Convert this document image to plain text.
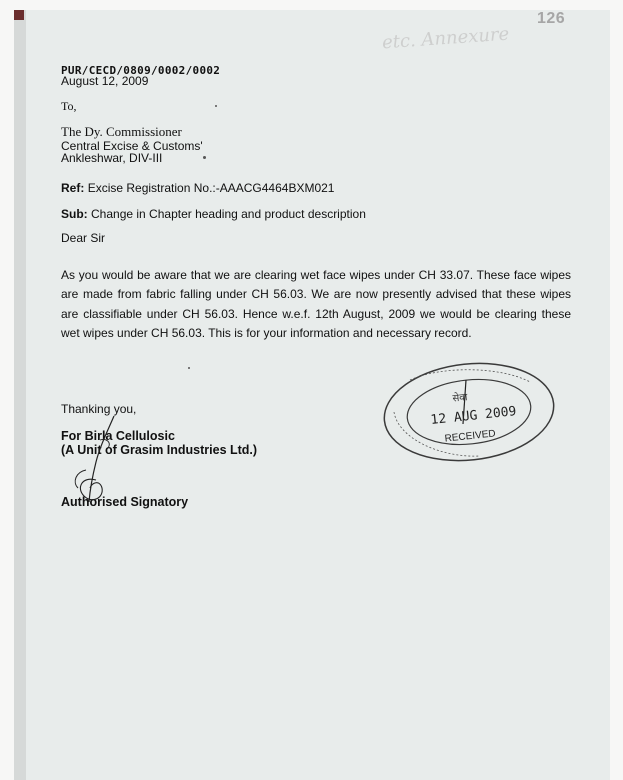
126
etc. Annexure
PUR/CECD/0809/0002/0002
August 12, 2009
To,
The Dy. Commissioner
Central Excise & Customs'
Ankleshwar, DIV-III
Ref: Excise Registration No.:-AAACG4464BXM021
Sub: Change in Chapter heading and product description
Dear Sir
As you would be aware that we are clearing wet face wipes under CH 33.07. These face wipes are made from fabric falling under CH 56.03. We are now presently advised that these wipes are classifiable under CH 56.03. Hence w.e.f. 12th August, 2009 we would be clearing these wet wipes under CH 56.03. This is for your information and necessary record.
Thanking you,
For Birla Cellulosic
(A Unit of Grasim Industries Ltd.)
Authorised Signatory
सेवा
12 AUG 2009
RECEIVED
